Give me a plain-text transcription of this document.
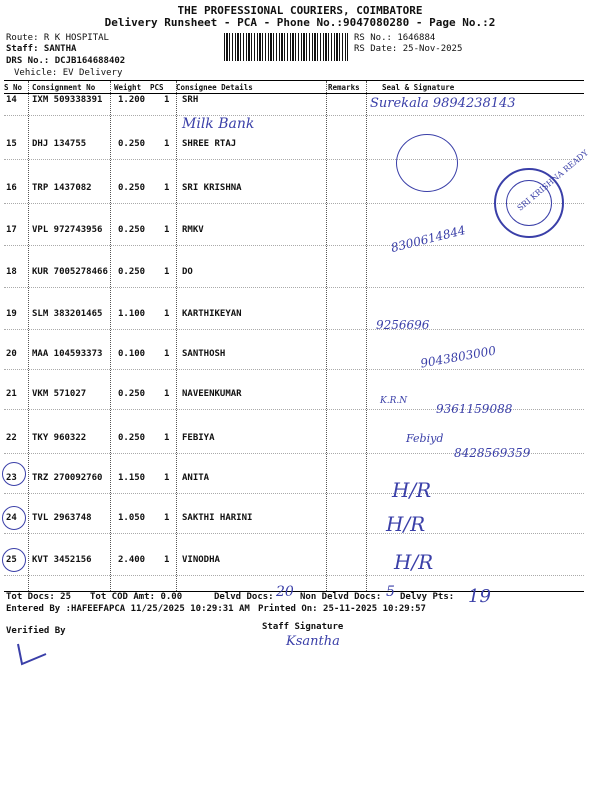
THE PROFESSIONAL COURIERS, COIMBATORE
Delivery Runsheet - PCA - Phone No.:9047080280 - Page No.:2
Route: R K HOSPITAL
Staff: SANTHA
DRS No.: DCJB164688402
Vehicle: EV Delivery
RS No.: 1646884
RS Date: 25-Nov-2025
S No Consignment No	Weight PCS Consignee Details	Remarks	Seal & Signature
14 IXM 509338391 1.200 1 SRH
15 DHJ 134755	0.250 1 SHREE RTAJ
16 TRP 1437082	0.250 1 SRI KRISHNA
17 VPL 972743956 0.250 1 RMKV
18 KUR 7005278466 0.250 1 DO
19 SLM 383201465 1.100 1 KARTHIKEYAN
20 MAA 104593373 0.100 1 SANTHOSH
21 VKM 571027	0.250 1 NAVEENKUMAR
22 TKY 960322	0.250 1 FEBIYA
23 TRZ 270092760 1.150 1 ANITA
24 TVL 2963748	1.050 1 SAKTHI HARINI
25 KVT 3452156	2.400 1 VINODHA
Surekala 9894238143
Milk Bank
8300614844
9256696
9043803000
K.R.N
9361159088
Febiyd
8428569359
H/R
H/R
H/R
SRI KRISHNA READY
Tot Docs: 25 Tot COD Amt: 0.00	Delvd Docs: 20 Non Delvd Docs: 5 Delvy Pts: 19
Entered By :HAFEEFAPCA 11/25/2025 10:29:31 AM Printed On: 25-11-2025 10:29:57
Verified By	Staff Signature
Ksantha
